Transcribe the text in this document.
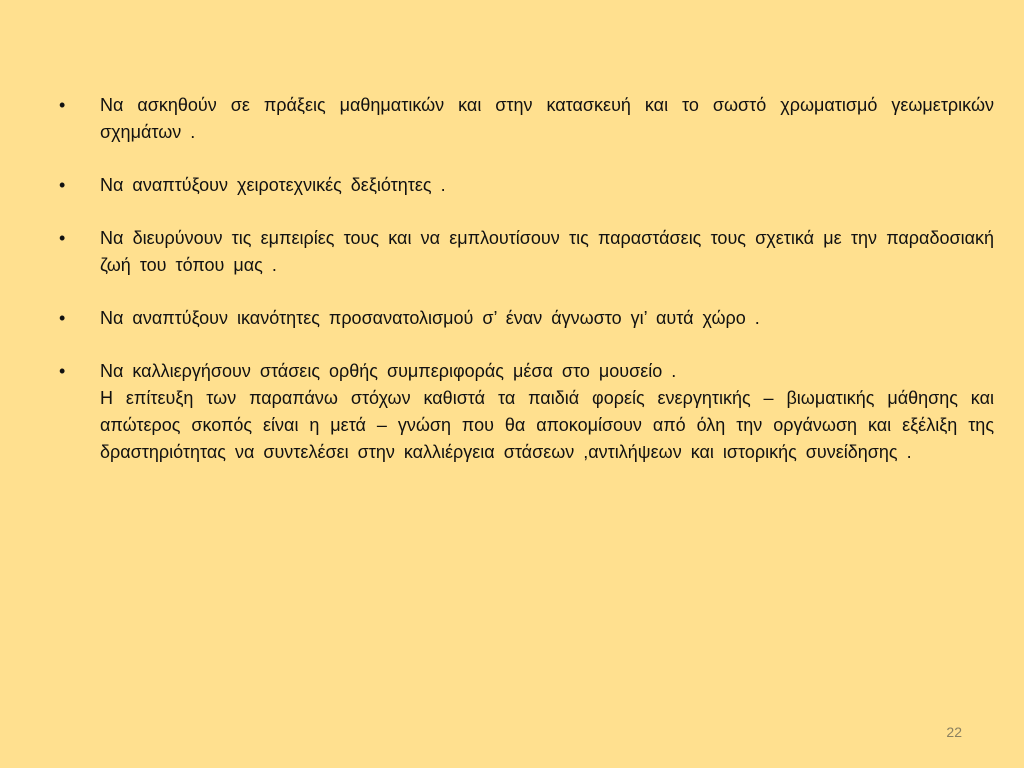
•	Να ασκηθούν σε πράξεις μαθηματικών και στην κατασκευή και το σωστό χρωματισμό γεωμετρικών σχημάτων .
•	Να αναπτύξουν χειροτεχνικές δεξιότητες .
•	Να διευρύνουν τις εμπειρίες τους και να εμπλουτίσουν τις παραστάσεις τους σχετικά με την παραδοσιακή ζωή του τόπου μας .
•	Να αναπτύξουν ικανότητες προσανατολισμού σ’ έναν άγνωστο γι’ αυτά χώρο .
•	Να καλλιεργήσουν στάσεις ορθής συμπεριφοράς μέσα στο μουσείο .
Η επίτευξη των παραπάνω στόχων καθιστά τα παιδιά φορείς ενεργητικής – βιωματικής μάθησης και απώτερος σκοπός είναι η μετά – γνώση που θα αποκομίσουν από όλη την οργάνωση και εξέλιξη της δραστηριότητας να συντελέσει στην καλλιέργεια στάσεων ,αντιλήψεων και ιστορικής συνείδησης .
22
